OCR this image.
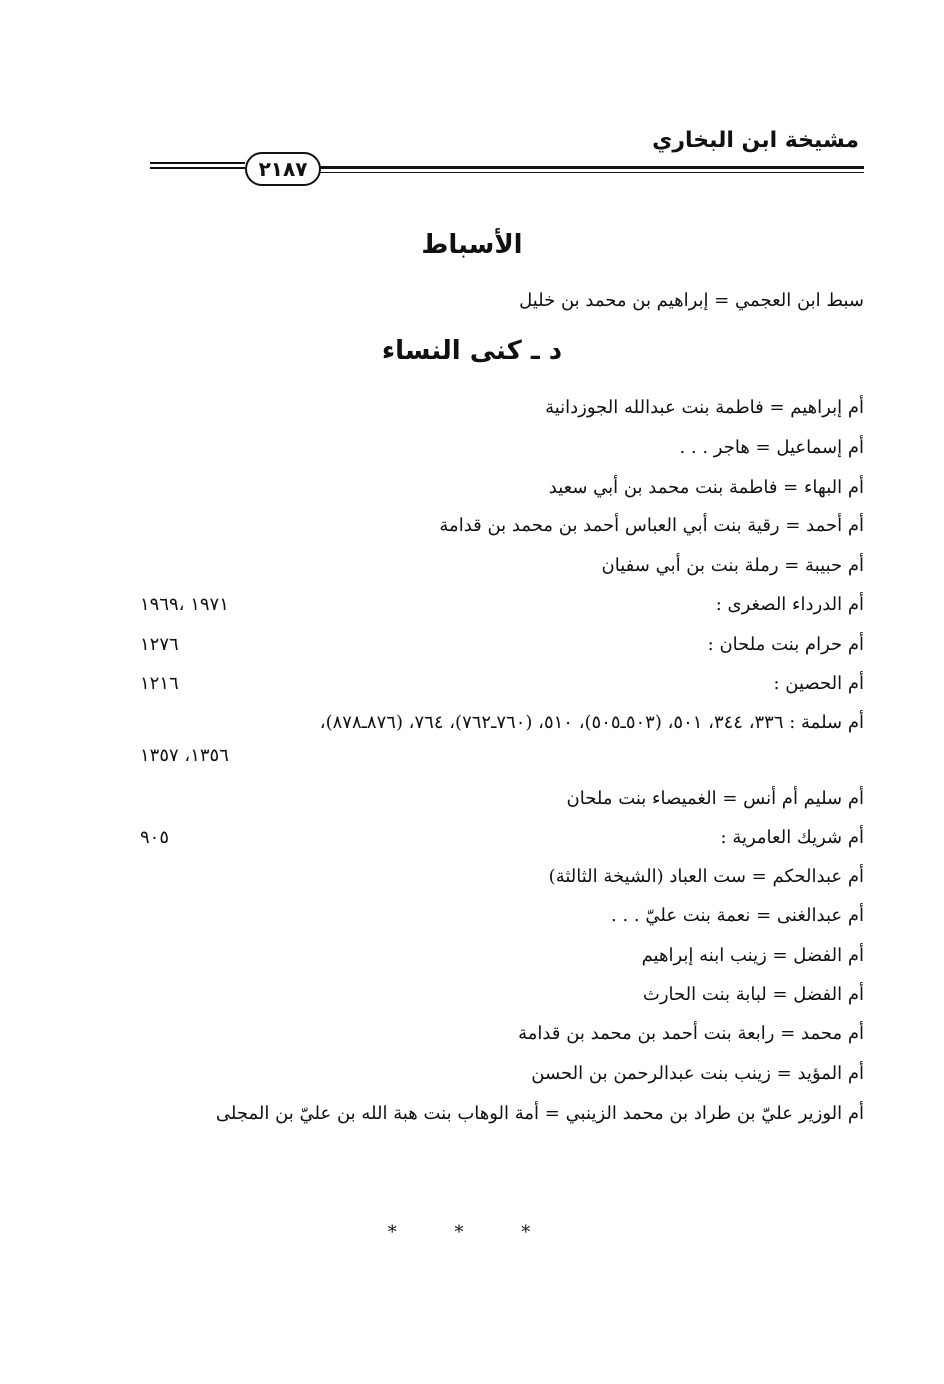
مشيخة ابن البخاري
٢١٨٧
الأسباط
سبط ابن العجمي = إبراهيم بن محمد بن خليل
د ـ كنى النساء
أم إبراهيم = فاطمة بنت عبدالله الجوزدانية
أم إسماعيل = هاجر . . .
أم البهاء = فاطمة بنت محمد بن أبي سعيد
أم أحمد = رقية بنت أبي العباس أحمد بن محمد بن قدامة
أم حبيبة = رملة بنت بن أبي سفيان
أم الدرداء الصغرى :
١٩٧١ ،١٩٦٩
أم حرام بنت ملحان :
١٢٧٦
أم الحصين :
١٢١٦
أم سلمة : ٣٣٦، ٣٤٤، ٥٠١، (٥٠٣ـ٥٠٥)، ٥١٠، (٧٦٠ـ٧٦٢)، ٧٦٤، (٨٧٦ـ٨٧٨)،
١٣٥٦، ١٣٥٧
أم سليم أم أنس = الغميصاء بنت ملحان
أم شريك العامرية :
٩٠٥
أم عبدالحكم = ست العباد (الشيخة الثالثة)
أم عبدالغنى = نعمة بنت عليّ . . .
أم الفضل = زينب ابنه إبراهيم
أم الفضل = لبابة بنت الحارث
أم محمد = رابعة بنت أحمد بن محمد بن قدامة
أم المؤيد = زينب بنت عبدالرحمن بن الحسن
أم الوزير عليّ بن طراد بن محمد الزينبي = أمة الوهاب بنت هبة الله بن عليّ بن المجلى
* * *
